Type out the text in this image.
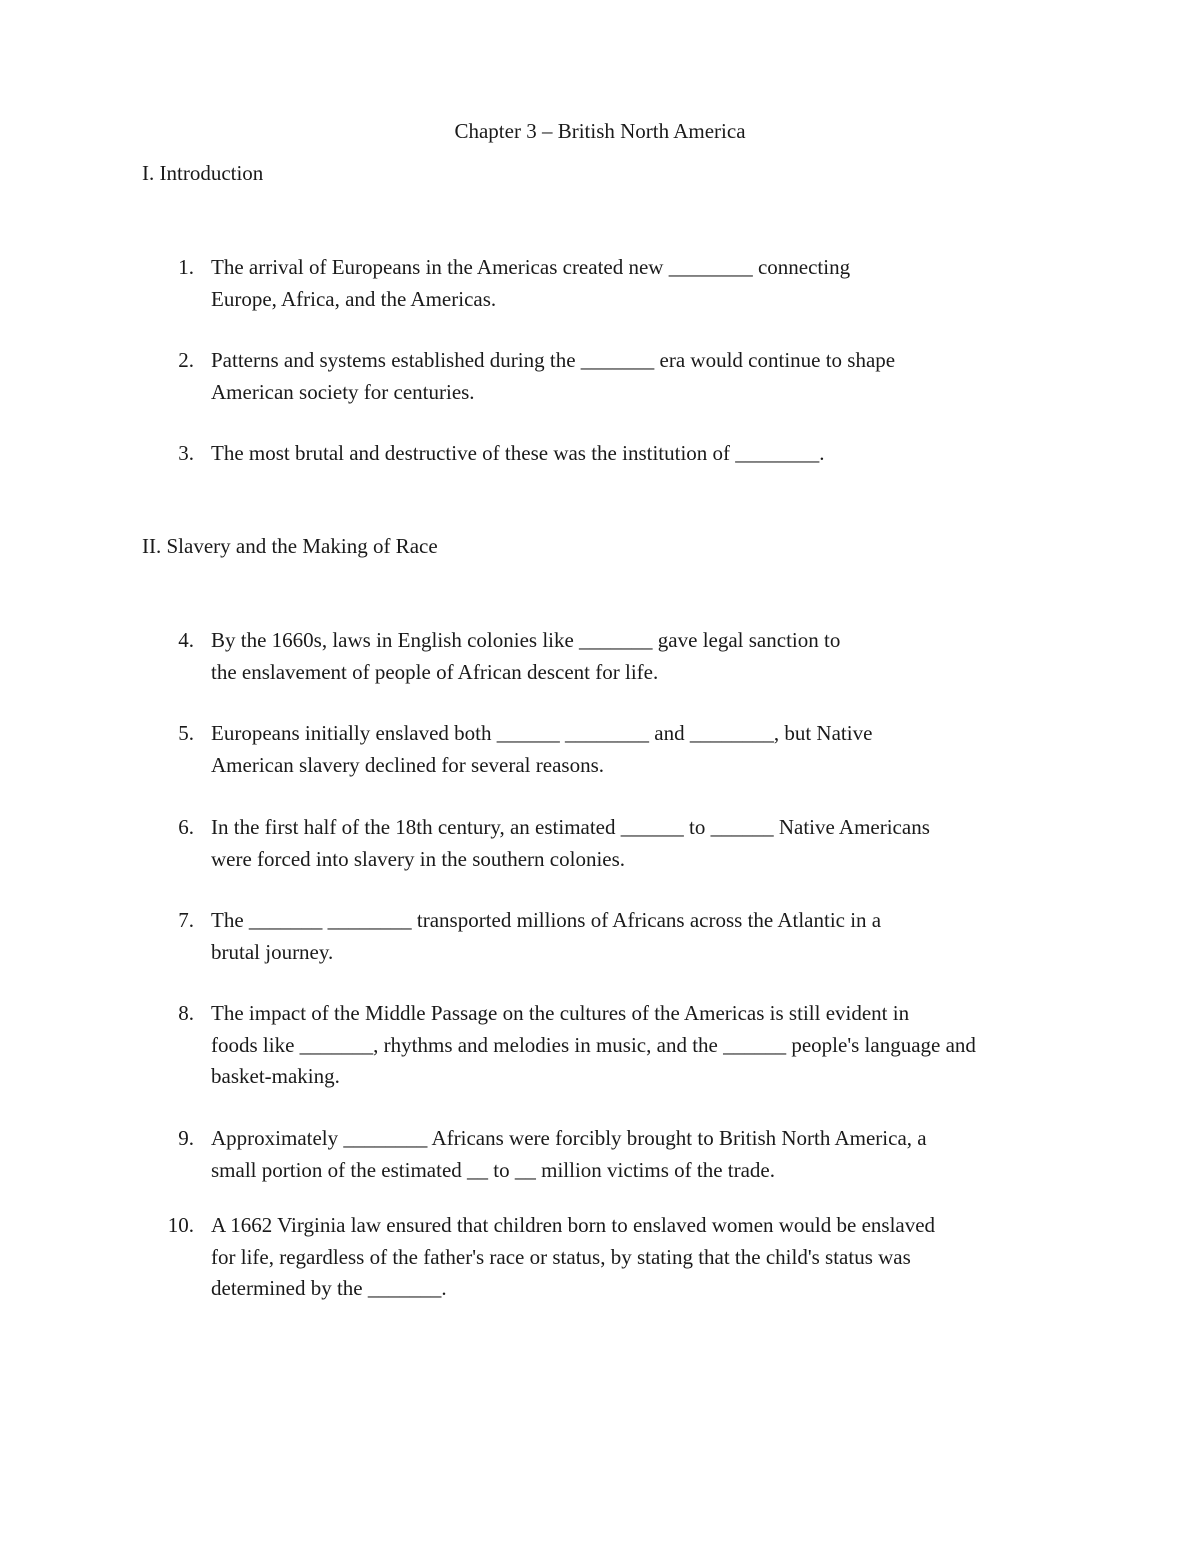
Chapter 3 – British North America
I. Introduction
1. The arrival of Europeans in the Americas created new ________ connecting
Europe, Africa, and the Americas.
2. Patterns and systems established during the _______ era would continue to shape
American society for centuries.
3. The most brutal and destructive of these was the institution of ________.
II. Slavery and the Making of Race
4. By the 1660s, laws in English colonies like _______ gave legal sanction to
the enslavement of people of African descent for life.
5. Europeans initially enslaved both ______ ________ and ________, but Native
American slavery declined for several reasons.
6. In the first half of the 18th century, an estimated ______ to ______ Native Americans
were forced into slavery in the southern colonies.
7. The _______ ________ transported millions of Africans across the Atlantic in a
brutal journey.
8. The impact of the Middle Passage on the cultures of the Americas is still evident in
foods like _______, rhythms and melodies in music, and the ______ people's language and
basket-making.
9. Approximately ________ Africans were forcibly brought to British North America, a
small portion of the estimated __ to __ million victims of the trade.
10. A 1662 Virginia law ensured that children born to enslaved women would be enslaved
for life, regardless of the father's race or status, by stating that the child's status was
determined by the _______.
